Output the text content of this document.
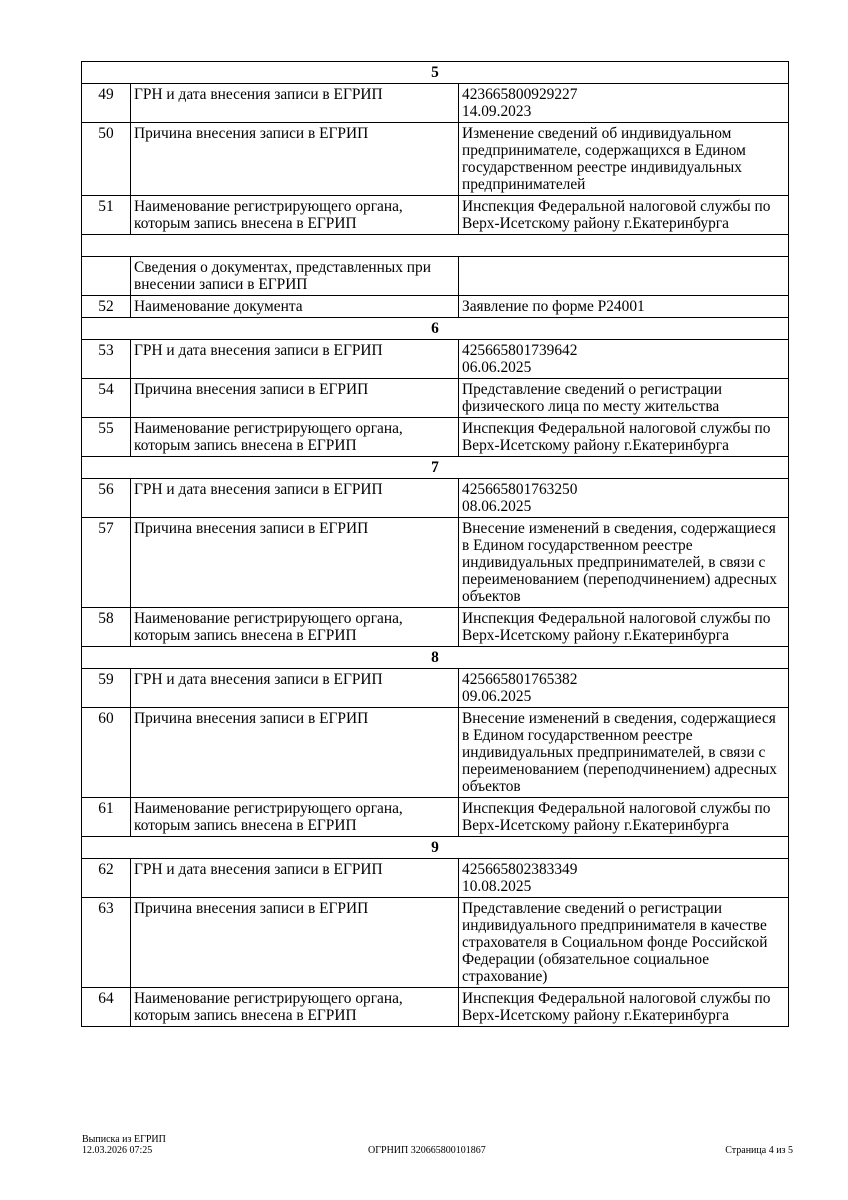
5		
49	ГРН и дата внесения записи в ЕГРИП	423665800929227
14.09.2023

50	Причина внесения записи в ЕГРИП	Изменение сведений об индивидуальном предпринимателе, содержащихся в Едином государственном реестре индивидуальных предпринимателей

51	Наименование регистрирующего органа, которым запись внесена в ЕГРИП	Инспекция Федеральной налоговой службы по Верх-Исетскому району г.Екатеринбурга

	Сведения о документах, представленных при внесении записи в ЕГРИП	

52	Наименование документа	Заявление по форме Р24001

6		
53	ГРН и дата внесения записи в ЕГРИП	425665801739642
06.06.2025

54	Причина внесения записи в ЕГРИП	Представление сведений о регистрации физического лица по месту жительства

55	Наименование регистрирующего органа, которым запись внесена в ЕГРИП	Инспекция Федеральной налоговой службы по Верх-Исетскому району г.Екатеринбурга

7		
56	ГРН и дата внесения записи в ЕГРИП	425665801763250
08.06.2025

57	Причина внесения записи в ЕГРИП	Внесение изменений в сведения, содержащиеся в Едином государственном реестре индивидуальных предпринимателей, в связи с переименованием (переподчинением) адресных объектов

58	Наименование регистрирующего органа, которым запись внесена в ЕГРИП	Инспекция Федеральной налоговой службы по Верх-Исетскому району г.Екатеринбурга

8		
59	ГРН и дата внесения записи в ЕГРИП	425665801765382
09.06.2025

60	Причина внесения записи в ЕГРИП	Внесение изменений в сведения, содержащиеся в Едином государственном реестре индивидуальных предпринимателей, в связи с переименованием (переподчинением) адресных объектов

61	Наименование регистрирующего органа, которым запись внесена в ЕГРИП	Инспекция Федеральной налоговой службы по Верх-Исетскому району г.Екатеринбурга

9		
62	ГРН и дата внесения записи в ЕГРИП	425665802383349
10.08.2025

63	Причина внесения записи в ЕГРИП	Представление сведений о регистрации индивидуального предпринимателя в качестве страхователя в Социальном фонде Российской Федерации (обязательное социальное страхование)

64	Наименование регистрирующего органа, которым запись внесена в ЕГРИП	Инспекция Федеральной налоговой службы по Верх-Исетскому району г.Екатеринбурга
Выписка из ЕГРИП
12.03.2026 07:25	ОГРНИП 320665800101867	Страница 4 из 5
